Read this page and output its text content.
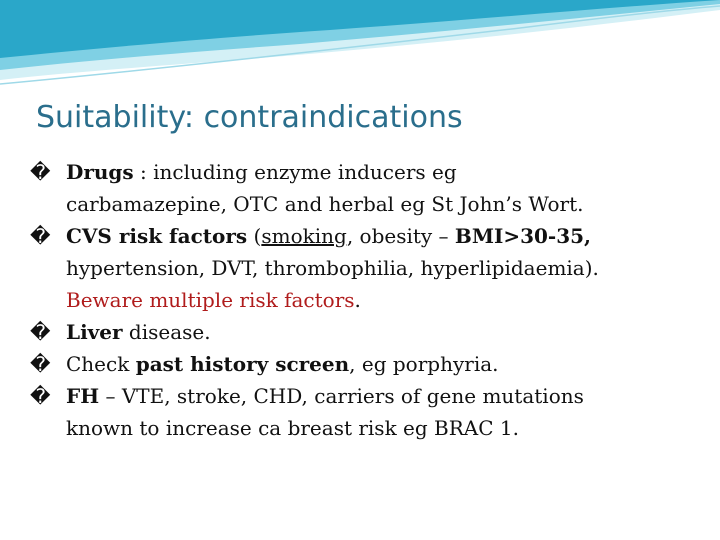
Suitability: contraindications
� Drugs : including enzyme inducers eg
carbamazepine, OTC and herbal eg St John’s Wort.
� CVS risk factors (smoking, obesity – BMI>30-35,
hypertension, DVT, thrombophilia, hyperlipidaemia).
Beware multiple risk factors.
� Liver disease.
� Check past history screen, eg porphyria.
� FH – VTE, stroke, CHD, carriers of gene mutations
known to increase ca breast risk eg BRAC 1.
